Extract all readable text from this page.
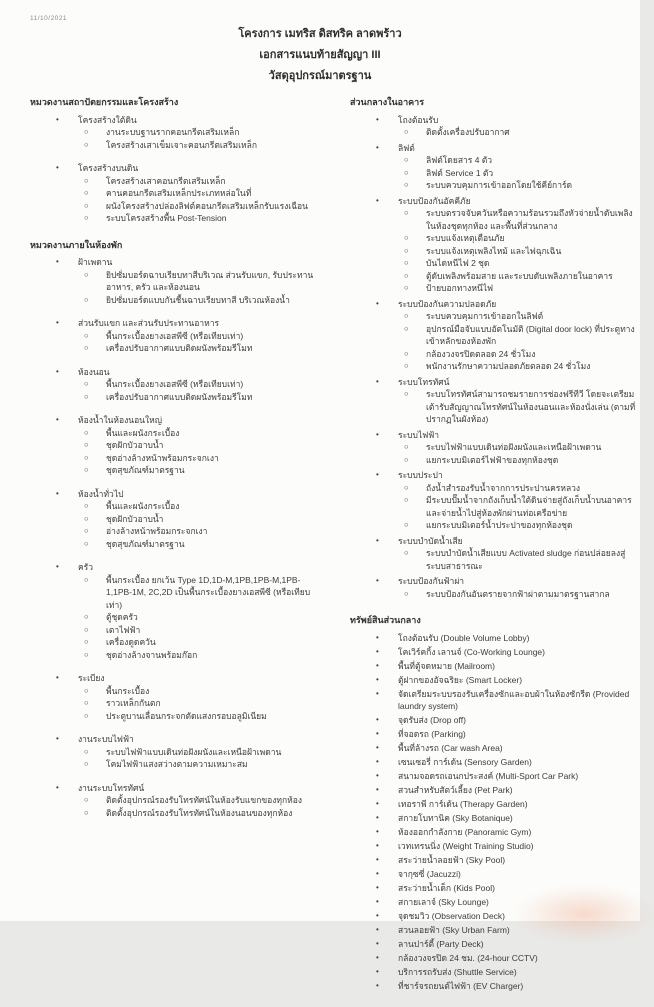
11/10/2021
โครงการ เมทริส ดิสทริค ลาดพร้าว
เอกสารแนบท้ายสัญญา III
วัสดุอุปกรณ์มาตรฐาน
หมวดงานสถาปัตยกรรมและโครงสร้าง
•	โครงสร้างใต้ดิน
○	งานระบบฐานรากคอนกรีตเสริมเหล็ก
○	โครงสร้างเสาเข็มเจาะคอนกรีตเสริมเหล็ก
•	โครงสร้างบนดิน
○	โครงสร้างเสาคอนกรีตเสริมเหล็ก
○	คานคอนกรีตเสริมเหล็กประเภทหล่อในที่
○	ผนังโครงสร้างปล่องลิฟต์คอนกรีตเสริมเหล็กรับแรงเฉือน
○	ระบบโครงสร้างพื้น Post-Tension
หมวดงานภายในห้องพัก
•	ฝ้าเพดาน
○	ยิปซั่มบอร์ดฉาบเรียบทาสีบริเวณ ส่วนรับแขก, รับประทานอาหาร, ครัว และห้องนอน
○	ยิปซั่มบอร์ดแบบกันชื้นฉาบเรียบทาสี บริเวณห้องน้ำ
•	ส่วนรับแขก และส่วนรับประทานอาหาร
○	พื้นกระเบื้องยางเอสพีซี (หรือเทียบเท่า)
○	เครื่องปรับอากาศแบบติดผนังพร้อมรีโมท
•	ห้องนอน
○	พื้นกระเบื้องยางเอสพีซี (หรือเทียบเท่า)
○	เครื่องปรับอากาศแบบติดผนังพร้อมรีโมท
•	ห้องน้ำในห้องนอนใหญ่
○	พื้นและผนังกระเบื้อง
○	ชุดฝักบัวอาบน้ำ
○	ชุดอ่างล้างหน้าพร้อมกระจกเงา
○	ชุดสุขภัณฑ์มาตรฐาน
•	ห้องน้ำทั่วไป
○	พื้นและผนังกระเบื้อง
○	ชุดฝักบัวอาบน้ำ
○	อ่างล้างหน้าพร้อมกระจกเงา
○	ชุดสุขภัณฑ์มาตรฐาน
•	ครัว
○	พื้นกระเบื้อง ยกเว้น Type 1D,1D-M,1PB,1PB-M,1PB-1,1PB-1M, 2C,2D เป็นพื้นกระเบื้องยางเอสพีซี (หรือเทียบเท่า)
○	ตู้ชุดครัว
○	เตาไฟฟ้า
○	เครื่องดูดควัน
○	ชุดอ่างล้างจานพร้อมก๊อก
•	ระเบียง
○	พื้นกระเบื้อง
○	ราวเหล็กกันตก
○	ประตูบานเลื่อนกระจกตัดแสงกรอบอลูมิเนียม
•	งานระบบไฟฟ้า
○	ระบบไฟฟ้าแบบเดินท่อฝังผนังและเหนือฝ้าเพดาน
○	โคมไฟฟ้าแสงสว่างตามความเหมาะสม
•	งานระบบโทรทัศน์
○	ติดตั้งอุปกรณ์รองรับโทรทัศน์ในห้องรับแขกของทุกห้อง
○	ติดตั้งอุปกรณ์รองรับโทรทัศน์ในห้องนอนของทุกห้อง
ส่วนกลางในอาคาร
•	โถงต้อนรับ
○	ติดตั้งเครื่องปรับอากาศ
•	ลิฟต์
○	ลิฟต์โดยสาร 4 ตัว
○	ลิฟต์ Service 1 ตัว
○	ระบบควบคุมการเข้าออกโดยใช้คีย์การ์ด
•	ระบบป้องกันอัคคีภัย
○	ระบบตรวจจับควันหรือความร้อนรวมถึงหัวจ่ายน้ำดับเพลิงในห้องชุดทุกห้อง และพื้นที่ส่วนกลาง
○	ระบบแจ้งเหตุเตือนภัย
○	ระบบแจ้งเหตุเพลิงไหม้ และไฟฉุกเฉิน
○	บันไดหนีไฟ 2 ชุด
○	ตู้ดับเพลิงพร้อมสาย และระบบดับเพลิงภายในอาคาร
○	ป้ายบอกทางหนีไฟ
•	ระบบป้องกันความปลอดภัย
○	ระบบควบคุมการเข้าออกในลิฟต์
○	อุปกรณ์มือจับแบบอัตโนมัติ (Digital door lock) ที่ประตูทางเข้าหลักของห้องพัก
○	กล้องวงจรปิดตลอด 24 ชั่วโมง
○	พนักงานรักษาความปลอดภัยตลอด 24 ชั่วโมง
•	ระบบโทรทัศน์
○	ระบบโทรทัศน์สามารถชมรายการช่องฟรีทีวี โดยจะเตรียมเต้ารับสัญญาณโทรทัศน์ในห้องนอนและห้องนั่งเล่น (ตามที่ปรากฏในผังห้อง)
•	ระบบไฟฟ้า
○	ระบบไฟฟ้าแบบเดินท่อฝังผนังและเหนือฝ้าเพดาน
○	แยกระบบมิเตอร์ไฟฟ้าของทุกห้องชุด
•	ระบบประปา
○	ถังน้ำสำรองรับน้ำจากการประปานครหลวง
○	มีระบบปั๊มน้ำจากถังเก็บน้ำใต้ดินจ่ายสู่ถังเก็บน้ำบนอาคาร และจ่ายน้ำไปสู่ห้องพักผ่านท่อเครือข่าย
○	แยกระบบมิเตอร์น้ำประปาของทุกห้องชุด
•	ระบบบำบัดน้ำเสีย
○	ระบบบำบัดน้ำเสียแบบ Activated sludge ก่อนปล่อยลงสู่ระบบสาธารณะ
•	ระบบป้องกันฟ้าผ่า
○	ระบบป้องกันอันตรายจากฟ้าผ่าตามมาตรฐานสากล
ทรัพย์สินส่วนกลาง
•	โถงต้อนรับ (Double Volume Lobby)
•	โคเวิร์คกิ้ง เลานจ์ (Co-Working Lounge)
•	พื้นที่ตู้จดหมาย (Mailroom)
•	ตู้ฝากของอัจฉริยะ (Smart Locker)
•	จัดเตรียมระบบรองรับเครื่องซักและอบผ้าในห้องซักรีด (Provided laundry system)
•	จุดรับส่ง (Drop off)
•	ที่จอดรถ (Parking)
•	พื้นที่ล้างรถ (Car wash Area)
•	เซนเซอรี่ การ์เด้น (Sensory Garden)
•	สนามจอดรถเอนกประสงค์ (Multi-Sport Car Park)
•	สวนสำหรับสัตว์เลี้ยง (Pet Park)
•	เทอราพี การ์เด้น (Therapy Garden)
•	สกายโบทานิค (Sky Botanique)
•	ห้องออกกำลังกาย (Panoramic Gym)
•	เวทเทรนนิ่ง (Weight Training Studio)
•	สระว่ายน้ำลอยฟ้า (Sky Pool)
•	จากุซซี่ (Jacuzzi)
•	สระว่ายน้ำเด็ก (Kids Pool)
•	สกายเลาจ์ (Sky Lounge)
•	จุดชมวิว (Observation Deck)
•	สวนลอยฟ้า (Sky Urban Farm)
•	ลานปาร์ตี้ (Party Deck)
•	กล้องวงจรปิด 24 ชม. (24-hour CCTV)
•	บริการรถรับส่ง (Shuttle Service)
•	ที่ชาร์จรถยนต์ไฟฟ้า (EV Charger)
